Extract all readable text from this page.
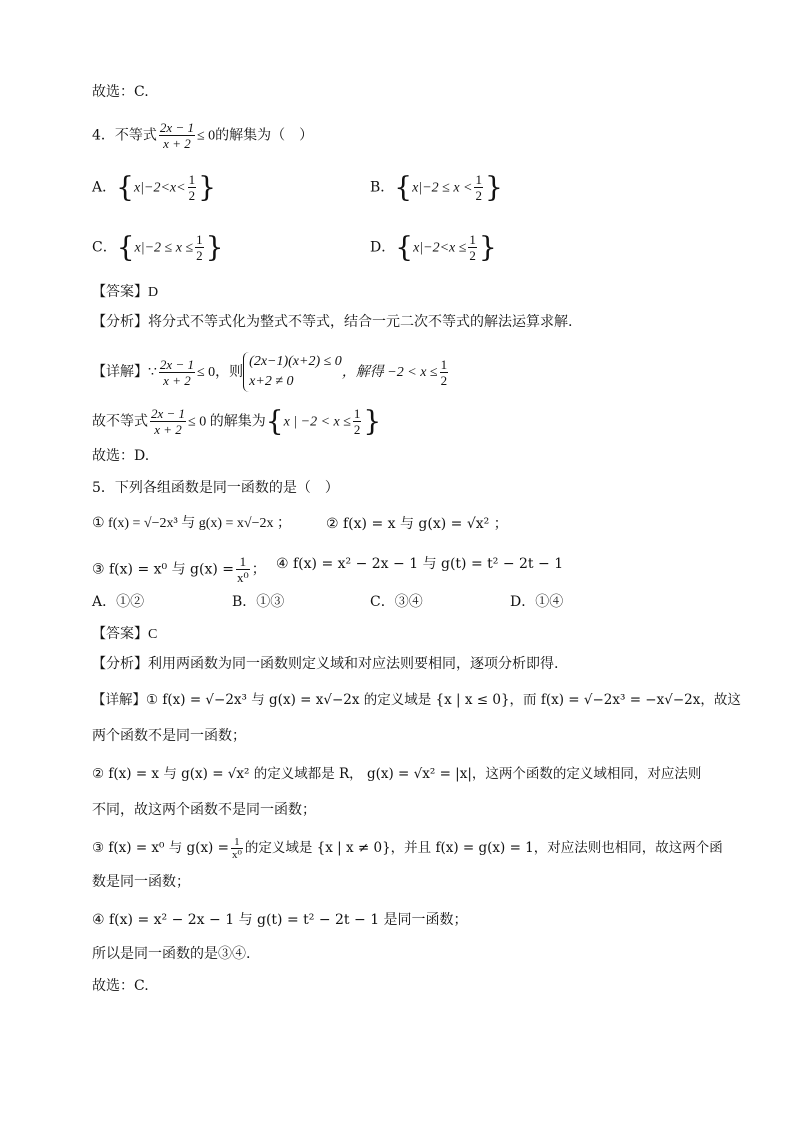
故选：C.
4．不等式 $\frac{2x - 1}{x + 2} \le 0$的解集为（　）
A．{$x|-2<x< \frac{1}{2}$ }	B．{$x|-2 \le x < \frac{1}{2}$ }
C．{$x|-2 \le x \le \frac{1}{2}$ }	D．{$x|-2<x \le \frac{1}{2}$ }
【答案】D
【分析】将分式不等式化为整式不等式，结合一元二次不等式的解法运算求解.
【详解】∵ $\frac{2x - 1}{x + 2} \le 0$，则
(2x−1)(x+2) ≤ 0
x+2 ≠ 0
，解得 $-2 < x \le \frac{1}{2}$
故不等式 $\frac{2x - 1}{x + 2} \le 0$ 的解集为{x | $-2 < x \le \frac{1}{2}$ }
故选：D.
5．下列各组函数是同一函数的是（　）
① f(x) = √−2x³ 与 g(x) = x√−2x ； ② f(x) = x 与 g(x) = √x² ；
③ f(x) = x⁰ 与 $g(x) = \frac{1}{\text{x⁰}}$ ； ④ f(x) = x² − 2x − 1 与 g(t) = t² − 2t − 1
A．①②	B．①③	C．③④	D．①④
【答案】C
【分析】利用两函数为同一函数则定义域和对应法则要相同，逐项分析即得.
【详解】① f(x) = √−2x³ 与 g(x) = x√−2x 的定义域是 {x | x ≤ 0}，而 f(x) = √−2x³ = −x√−2x，故这
两个函数不是同一函数；
② f(x) = x 与 g(x) = √x² 的定义域都是 R， g(x) = √x² = |x|，这两个函数的定义域相同，对应法则
不同，故这两个函数不是同一函数；
③ f(x) = x⁰ 与 $g(x) = \frac{1}{\text{x⁰}}$ 的定义域是 {x | x ≠ 0}，并且 f(x) = g(x) = 1，对应法则也相同，故这两个函
数是同一函数；
④ f(x) = x² − 2x − 1 与 g(t) = t² − 2t − 1 是同一函数；
所以是同一函数的是③④.
故选：C.
